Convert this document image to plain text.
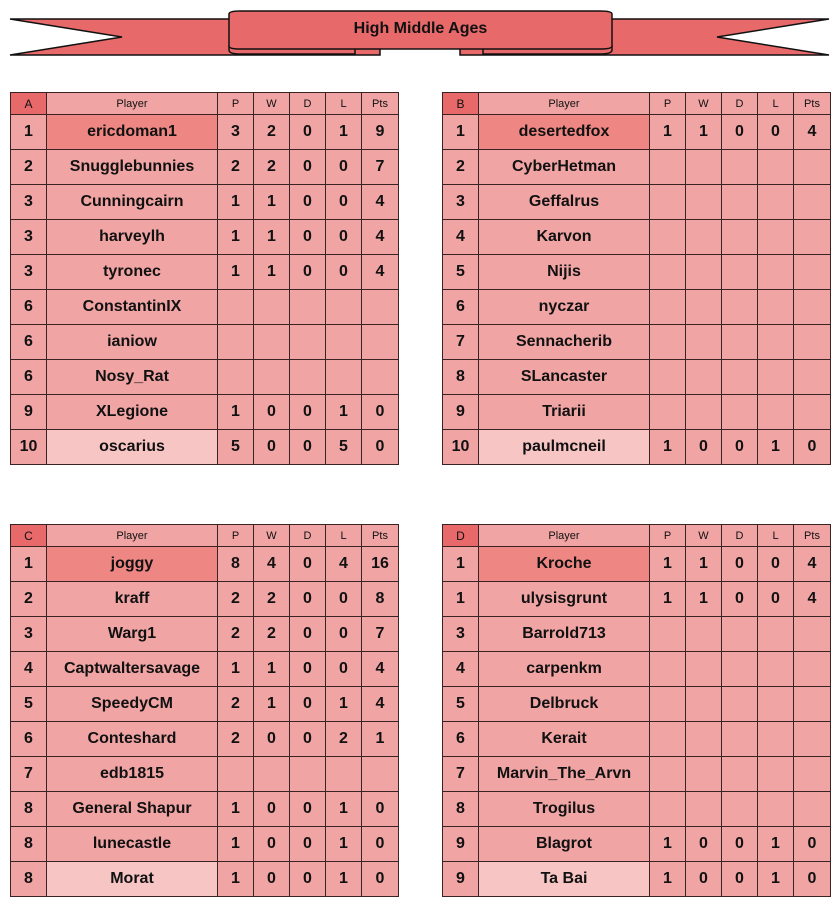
High Middle Ages
A	Player	P	W	D	L	Pts
1	ericdoman1	3	2	0	1	9
2	Snugglebunnies	2	2	0	0	7
3	Cunningcairn	1	1	0	0	4
3	harveylh	1	1	0	0	4
3	tyronec	1	1	0	0	4
6	ConstantinIX					
6	ianiow					
6	Nosy_Rat					
9	XLegione	1	0	0	1	0
10	oscarius	5	0	0	5	0
B	Player	P	W	D	L	Pts
1	desertedfox	1	1	0	0	4
2	CyberHetman					
3	Geffalrus					
4	Karvon					
5	Nijis					
6	nyczar					
7	Sennacherib					
8	SLancaster					
9	Triarii					
10	paulmcneil	1	0	0	1	0
C	Player	P	W	D	L	Pts
1	joggy	8	4	0	4	16
2	kraff	2	2	0	0	8
3	Warg1	2	2	0	0	7
4	Captwaltersavage	1	1	0	0	4
5	SpeedyCM	2	1	0	1	4
6	Conteshard	2	0	0	2	1
7	edb1815					
8	General Shapur	1	0	0	1	0
8	lunecastle	1	0	0	1	0
8	Morat	1	0	0	1	0
D	Player	P	W	D	L	Pts
1	Kroche	1	1	0	0	4
1	ulysisgrunt	1	1	0	0	4
3	Barrold713					
4	carpenkm					
5	Delbruck					
6	Kerait					
7	Marvin_The_Arvn					
8	Trogilus					
9	Blagrot	1	0	0	1	0
9	Ta Bai	1	0	0	1	0
